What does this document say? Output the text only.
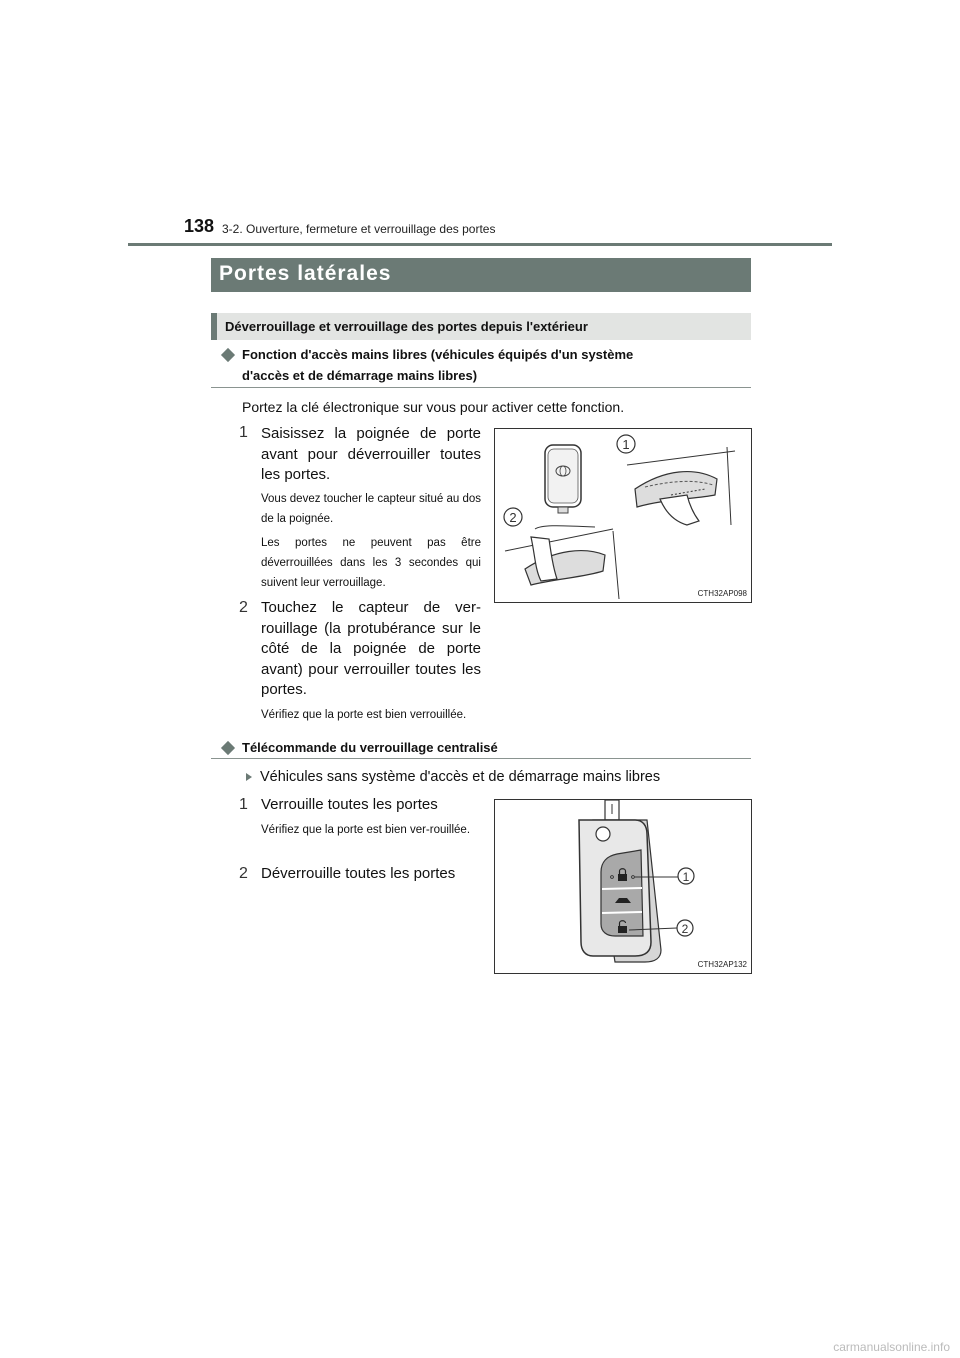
138 3-2. Ouverture, fermeture et verrouillage des portes
Portes latérales
Déverrouillage et verrouillage des portes depuis l'extérieur
Fonction d'accès mains libres (véhicules équipés d'un système
d'accès et de démarrage mains libres)
Portez la clé électronique sur vous pour activer cette fonction.
1 Saisissez la poignée de porte avant pour déverrouiller toutes les portes.
Vous devez toucher le capteur situé au dos de la poignée.
Les portes ne peuvent pas être déverrouillées dans les 3 secondes qui suivent leur verrouillage.
2 Touchez le capteur de ver-rouillage (la protubérance sur le côté de la poignée de porte avant) pour verrouiller toutes les portes.
Vérifiez que la porte est bien verrouillée.
1
2
CTH32AP098
Télécommande du verrouillage centralisé
Véhicules sans système d'accès et de démarrage mains libres
1 Verrouille toutes les portes
Vérifiez que la porte est bien ver-rouillée.
2 Déverrouille toutes les portes	1
2
CTH32AP132
carmanualsonline.info
